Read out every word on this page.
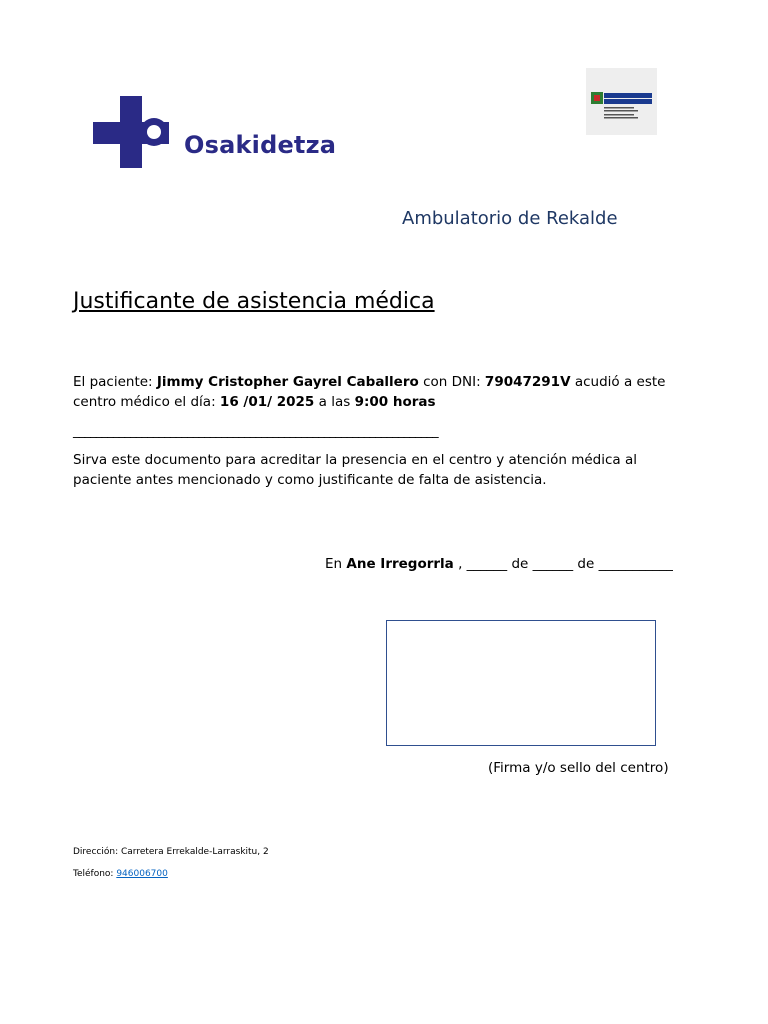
Osakidetza
Ambulatorio de Rekalde
Justificante de asistencia médica
El paciente: Jimmy Cristopher Gayrel Caballero con DNI: 79047291V acudió a este centro médico el día: 16 /01/ 2025 a las 9:00 horas
________________________________________________________________
Sirva este documento para acreditar la presencia en el centro y atención médica al paciente antes mencionado y como justificante de falta de asistencia.
En Ane Irregorrla , ______ de ______ de ___________
(Firma y/o sello del centro)
Dirección: Carretera Errekalde-Larraskitu, 2
Teléfono: 946006700
